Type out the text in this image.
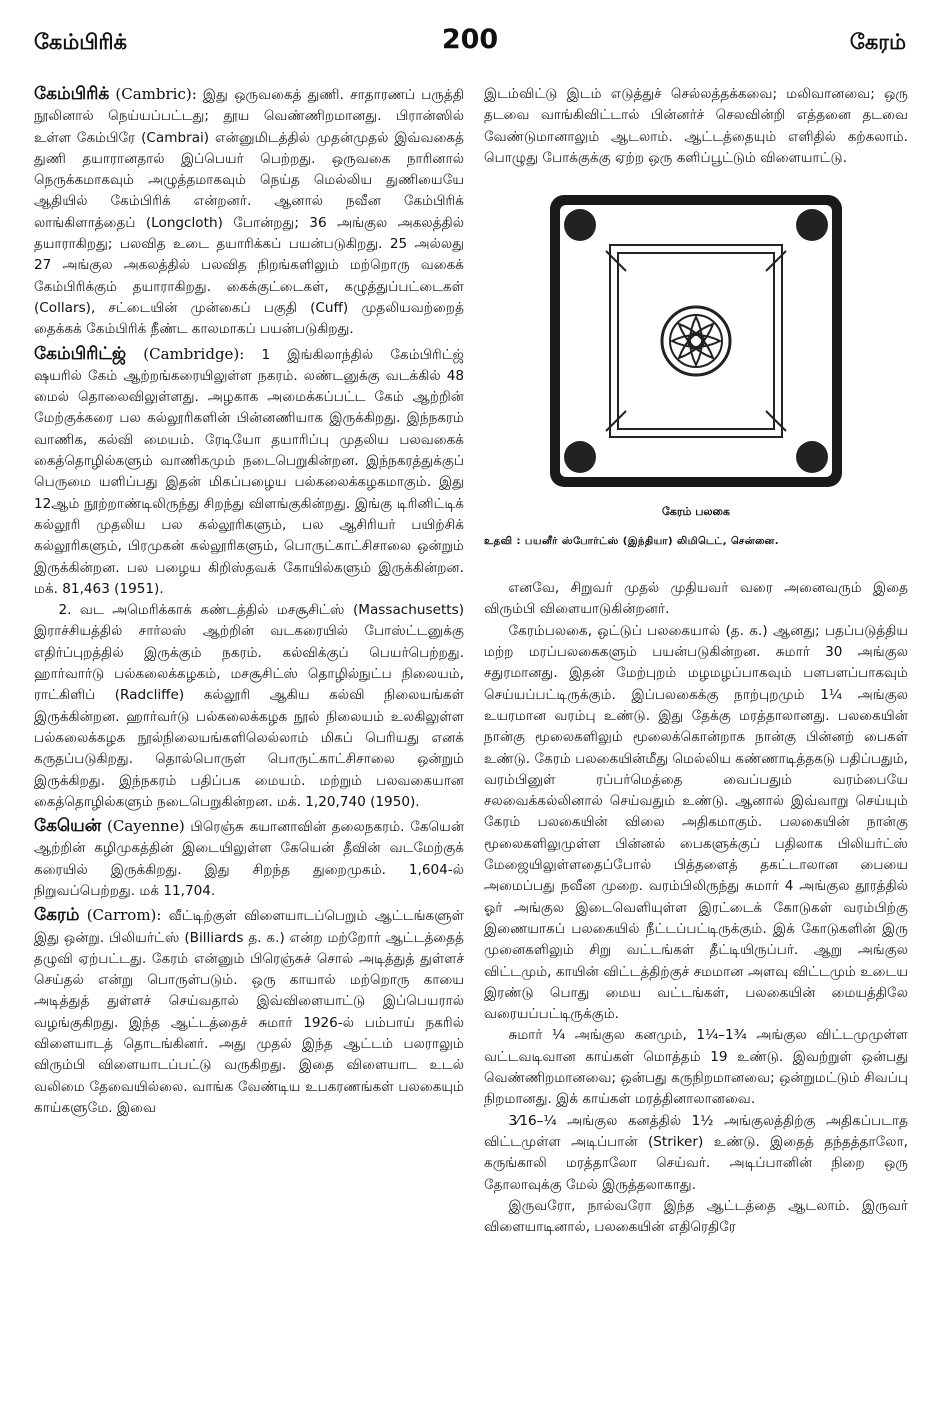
கேம்பிரிக்	200	கேரம்

கேம்பிரிக் (Cambric): இது ஒருவகைத் துணி. சாதாரணப் பருத்தி நூலினால் நெய்யப்பட்டது; தூய வெண்ணிறமானது. பிரான்ஸில் உள்ள கேம்பிரே (Cambrai) என்னுமிடத்தில் முதன்முதல் இவ்வகைத் துணி தயாரானதால் இப்பெயர் பெற்றது. ஒருவகை நாரினால் நெருக்கமாகவும் அழுத்தமாகவும் நெய்த மெல்லிய துணியையே ஆதியில் கேம்பிரிக் என்றனர். ஆனால் நவீன கேம்பிரிக் லாங்கிளாத்தைப் (Longcloth) போன்றது; 36 அங்குல அகலத்தில் தயாராகிறது; பலவித உடை தயாரிக்கப் பயன்படுகிறது. 25 அல்லது 27 அங்குல அகலத்தில் பலவித நிறங்களிலும் மற்றொரு வகைக் கேம்பிரிக்கும் தயாராகிறது. கைக்குட்டைகள், கழுத்துப்பட்டைகள் (Collars), சட்டையின் முன்கைப் பகுதி (Cuff) முதலியவற்றைத் தைக்கக் கேம்பிரிக் நீண்ட காலமாகப் பயன்படுகிறது.

கேம்பிரிட்ஜ் (Cambridge): 1 இங்கிலாந்தில் கேம்பிரிட்ஜ் ஷயரில் கேம் ஆற்றங்கரையிலுள்ள நகரம். லண்டனுக்கு வடக்கில் 48 மைல் தொலைவிலுள்ளது. அழகாக அமைக்கப்பட்ட கேம் ஆற்றின் மேற்குக்கரை பல கல்லூரிகளின் பின்னணியாக இருக்கிறது. இந்நகரம் வாணிக, கல்வி மையம். ரேடியோ தயாரிப்பு முதலிய பலவகைக் கைத்தொழில்களும் வாணிகமும் நடைபெறுகின்றன. இந்நகரத்துக்குப் பெருமை யளிப்பது இதன் மிகப்பழைய பல்கலைக்கழகமாகும். இது 12ஆம் நூற்றாண்டிலிருந்து சிறந்து விளங்குகின்றது. இங்கு டிரினிட்டிக் கல்லூரி முதலிய பல கல்லூரிகளும், பல ஆசிரியர் பயிற்சிக் கல்லூரிகளும், பிரமுகன் கல்லூரிகளும், பொருட்காட்சிசாலை ஒன்றும் இருக்கின்றன. பல பழைய கிறிஸ்தவக் கோயில்களும் இருக்கின்றன. மக். 81,463 (1951).

2. வட அமெரிக்காக் கண்டத்தில் மசசூசிட்ஸ் (Massachusetts) இராச்சியத்தில் சார்லஸ் ஆற்றின் வடகரையில் போஸ்ட்டனுக்கு எதிர்ப்புறத்தில் இருக்கும் நகரம். கல்விக்குப் பெயர்பெற்றது. ஹார்வார்டு பல்கலைக்கழகம், மசசூசிட்ஸ் தொழில்நுட்ப நிலையம், ராட்கிளிப் (Radcliffe) கல்லூரி ஆகிய கல்வி நிலையங்கள் இருக்கின்றன. ஹார்வர்டு பல்கலைக்கழக நூல் நிலையம் உலகிலுள்ள பல்கலைக்கழக நூல்நிலையங்களிலெல்லாம் மிகப் பெரியது எனக் கருதப்படுகிறது. தொல்பொருள் பொருட்காட்சிசாலை ஒன்றும் இருக்கிறது. இந்நகரம் பதிப்பக மையம். மற்றும் பலவகையான கைத்தொழில்களும் நடைபெறுகின்றன. மக். 1,20,740 (1950).

கேயென் (Cayenne) பிரெஞ்சு கயானாவின் தலைநகரம். கேயென் ஆற்றின் கழிமுகத்தின் இடையிலுள்ள கேயென் தீவின் வடமேற்குக் கரையில் இருக்கிறது. இது சிறந்த துறைமுகம். 1,604-ல் நிறுவப்பெற்றது. மக் 11,704.

கேரம் (Carrom): வீட்டிற்குள் விளையாடப்பெறும் ஆட்டங்களுள் இது ஒன்று. பிலியர்ட்ஸ் (Billiards த. க.) என்ற மற்றோர் ஆட்டத்தைத் தழுவி ஏற்பட்டது. கேரம் என்னும் பிரெஞ்சுச் சொல் அடித்துத் துள்ளச் செய்தல் என்று பொருள்படும். ஒரு காயால் மற்றொரு காயை அடித்துத் துள்ளச் செய்வதால் இவ்விளையாட்டு இப்பெயரால் வழங்குகிறது. இந்த ஆட்டத்தைச் சுமார் 1926-ல் பம்பாய் நகரில் விளையாடத் தொடங்கினர். அது முதல் இந்த ஆட்டம் பலராலும் விரும்பி விளையாடப்பட்டு வருகிறது. இதை விளையாட உடல் வலிமை தேவையில்லை. வாங்க வேண்டிய உபகரணங்கள் பலகையும் காய்களுமே. இவை

இடம்விட்டு இடம் எடுத்துச் செல்லத்தக்கவை; மலிவானவை; ஒரு தடவை வாங்கிவிட்டால் பின்னர்ச் செலவின்றி எத்தனை தடவை வேண்டுமானாலும் ஆடலாம். ஆட்டத்தையும் எளிதில் கற்கலாம். பொழுது போக்குக்கு ஏற்ற ஒரு களிப்பூட்டும் விளையாட்டு.

கேரம் பலகை
உதவி : பயனீர் ஸ்போர்ட்ஸ் (இந்தியா) லிமிடெட், சென்னை.

எனவே, சிறுவர் முதல் முதியவர் வரை அனைவரும் இதை விரும்பி விளையாடுகின்றனர்.

கேரம்பலகை, ஒட்டுப் பலகையால் (த. க.) ஆனது; பதப்படுத்திய மற்ற மரப்பலகைகளும் பயன்படுகின்றன. சுமார் 30 அங்குல சதுரமானது. இதன் மேற்புறம் மழமழப்பாகவும் பளபளப்பாகவும் செய்யப்பட்டிருக்கும். இப்பலகைக்கு நாற்புறமும் 1¼ அங்குல உயரமான வரம்பு உண்டு. இது தேக்கு மரத்தாலானது. பலகையின் நான்கு மூலைகளிலும் மூலைக்கொன்றாக நான்கு பின்னற் பைகள் உண்டு. கேரம் பலகையின்மீது மெல்லிய கண்ணாடித்தகடு பதிப்பதும், வரம்பினுள் ரப்பர்மெத்தை வைப்பதும் வரம்பையே சலவைக்கல்லினால் செய்வதும் உண்டு. ஆனால் இவ்வாறு செய்யும் கேரம் பலகையின் விலை அதிகமாகும். பலகையின் நான்கு மூலைகளிலுமுள்ள பின்னல் பைகளுக்குப் பதிலாக பிலியர்ட்ஸ் மேஜையிலுள்ளதைப்போல் பித்தளைத் தகட்டாலான பையை அமைப்பது நவீன முறை. வரம்பிலிருந்து சுமார் 4 அங்குல தூரத்தில் ஓர் அங்குல இடைவெளியுள்ள இரட்டைக் கோடுகள் வரம்பிற்கு இணையாகப் பலகையில் நீட்டப்பட்டிருக்கும். இக் கோடுகளின் இரு முனைகளிலும் சிறு வட்டங்கள் தீட்டியிருப்பர். ஆறு அங்குல விட்டமும், காயின் விட்டத்திற்குச் சமமான அளவு விட்டமும் உடைய இரண்டு பொது மைய வட்டங்கள், பலகையின் மையத்திலே வரையப்பட்டிருக்கும்.

சுமார் ¼ அங்குல கனமும், 1¼–1¾ அங்குல விட்டமுமுள்ள வட்டவடிவான காய்கள் மொத்தம் 19 உண்டு. இவற்றுள் ஒன்பது வெண்ணிறமானவை; ஒன்பது கருநிறமானவை; ஒன்றுமட்டும் சிவப்பு நிறமானது. இக் காய்கள் மரத்தினாலானவை.

3⁄16–¼ அங்குல கனத்தில் 1½ அங்குலத்திற்கு அதிகப்படாத விட்டமுள்ள அடிப்பான் (Striker) உண்டு. இதைத் தந்தத்தாலோ, கருங்காலி மரத்தாலோ செய்வர். அடிப்பானின் நிறை ஒரு தோலாவுக்கு மேல் இருத்தலாகாது.

இருவரோ, நால்வரோ இந்த ஆட்டத்தை ஆடலாம். இருவர் விளையாடினால், பலகையின் எதிரெதிரே
